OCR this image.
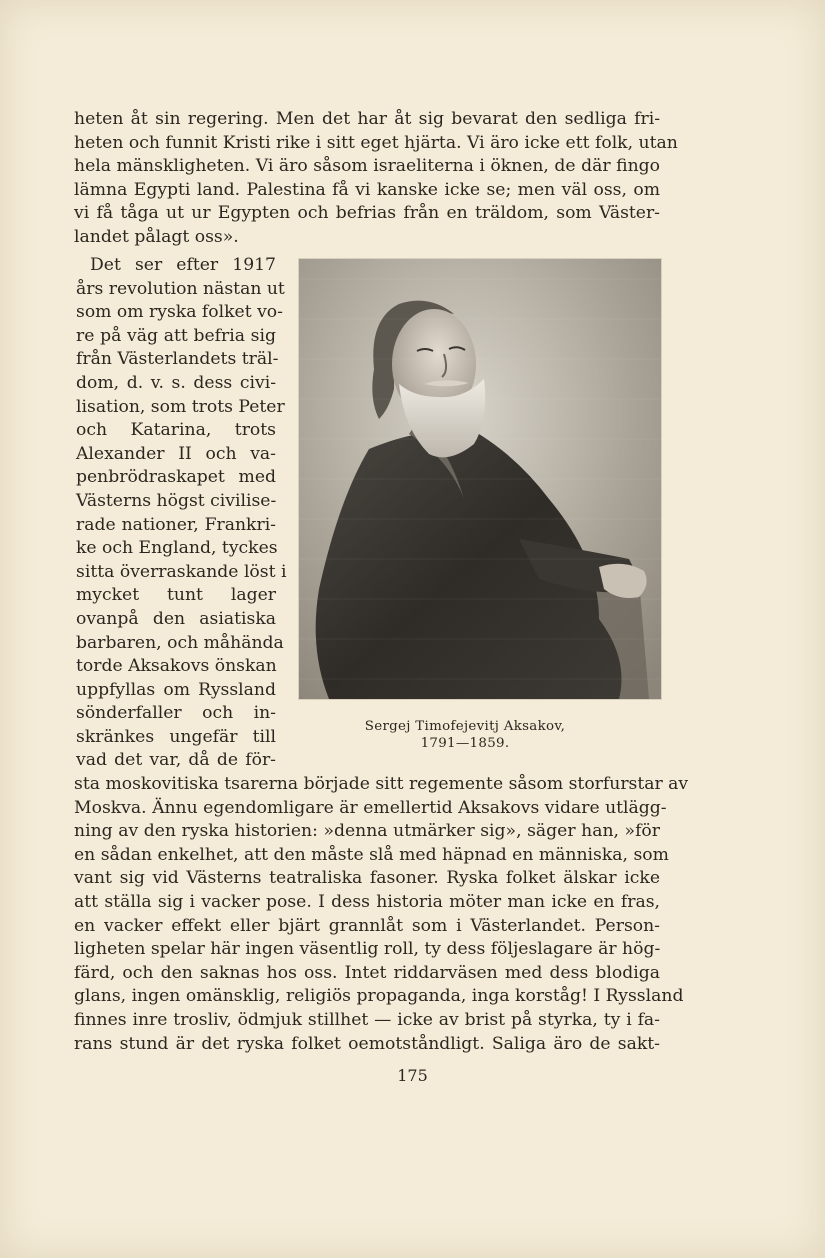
heten åt sin regering. Men det har åt sig bevarat den sedliga fri-
heten och funnit Kristi rike i sitt eget hjärta. Vi äro icke ett folk, utan
hela mänskligheten. Vi äro såsom israeliterna i öknen, de där fingo
lämna Egypti land. Palestina få vi kanske icke se; men väl oss, om
vi få tåga ut ur Egypten och befrias från en träldom, som Väster-
landet pålagt oss».
Det ser efter 1917
års revolution nästan ut
som om ryska folket vo-
re på väg att befria sig
från Västerlandets träl-
dom, d. v. s. dess civi-
lisation, som trots Peter
och Katarina, trots
Alexander II och va-
penbrödraskapet med
Västerns högst civilise-
rade nationer, Frankri-
ke och England, tyckes
sitta överraskande löst i
mycket tunt lager
ovanpå den asiatiska
barbaren, och måhända
torde Aksakovs önskan
uppfyllas om Ryssland
sönderfaller och in-
skränkes ungefär till
vad det var, då de för-
Sergej Timofejevitj Aksakov,
1791—1859.
sta moskovitiska tsarerna började sitt regemente såsom storfurstar av
Moskva. Ännu egendomligare är emellertid Aksakovs vidare utlägg-
ning av den ryska historien: »denna utmärker sig», säger han, »för
en sådan enkelhet, att den måste slå med häpnad en människa, som
vant sig vid Västerns teatraliska fasoner. Ryska folket älskar icke
att ställa sig i vacker pose. I dess historia möter man icke en fras,
en vacker effekt eller bjärt grannlåt som i Västerlandet. Person-
ligheten spelar här ingen väsentlig roll, ty dess följeslagare är hög-
färd, och den saknas hos oss. Intet riddarväsen med dess blodiga
glans, ingen omänsklig, religiös propaganda, inga korståg! I Ryssland
finnes inre trosliv, ödmjuk stillhet — icke av brist på styrka, ty i fa-
rans stund är det ryska folket oemotståndligt. Saliga äro de sakt-
175
